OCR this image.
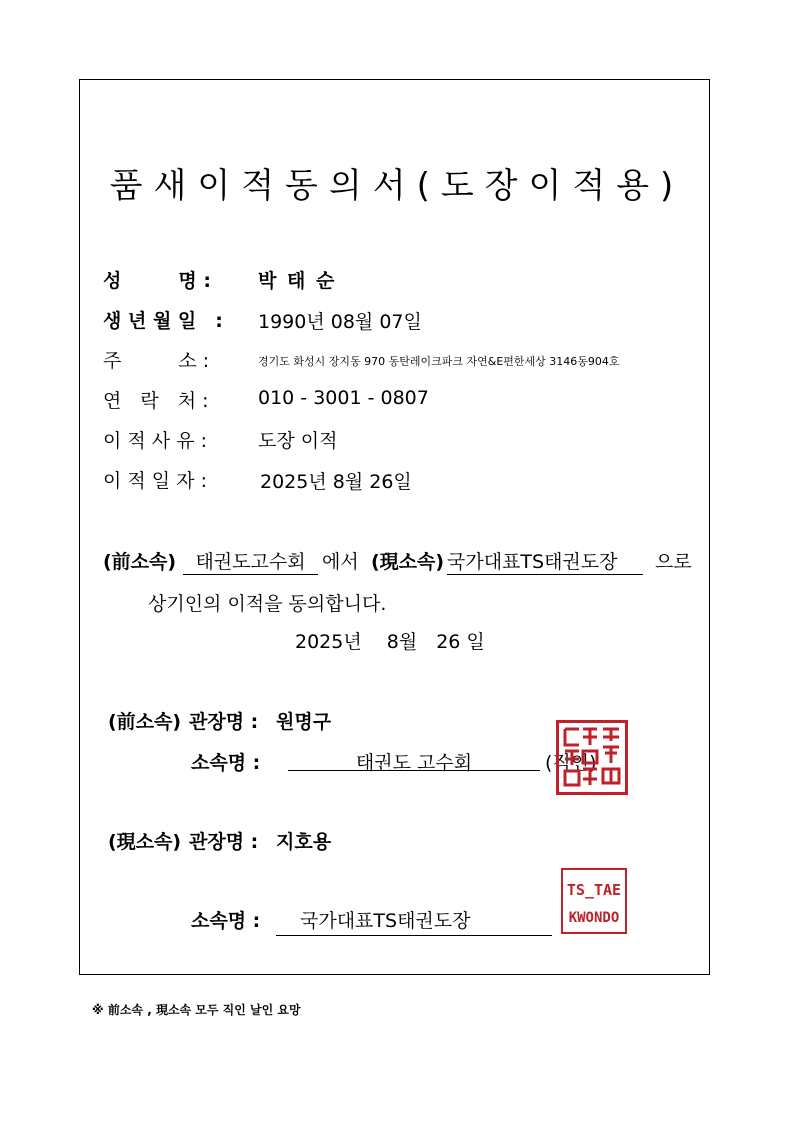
품새이적동의서(도장이적용)
성　　　명 : 박 태 순
생 년 월 일　: 1990년 08월 07일
주　　　소 :	경기도 화성시 장지동 970 동탄레이크파크 자연&E편한세상 3146동904호
연　락　처 :	010 - 3001 - 0807
이 적 사 유 :	도장 이적
이 적 일 자 :	2025년 8월 26일
(前소속)	태권도고수회 에서 (現소속) 국가대표TS태권도장	으로
상기인의 이적을 동의합니다.
2025년　 8월　26 일
(前소속) 관장명 : 원명구
소속명 :	태권도 고수회	(직인)
(現소속) 관장명 : 지호용
소속명 : 국가대표TS태권도장
TS_TAE
KWONDO
※ 前소속 , 現소속 모두 직인 날인 요망
